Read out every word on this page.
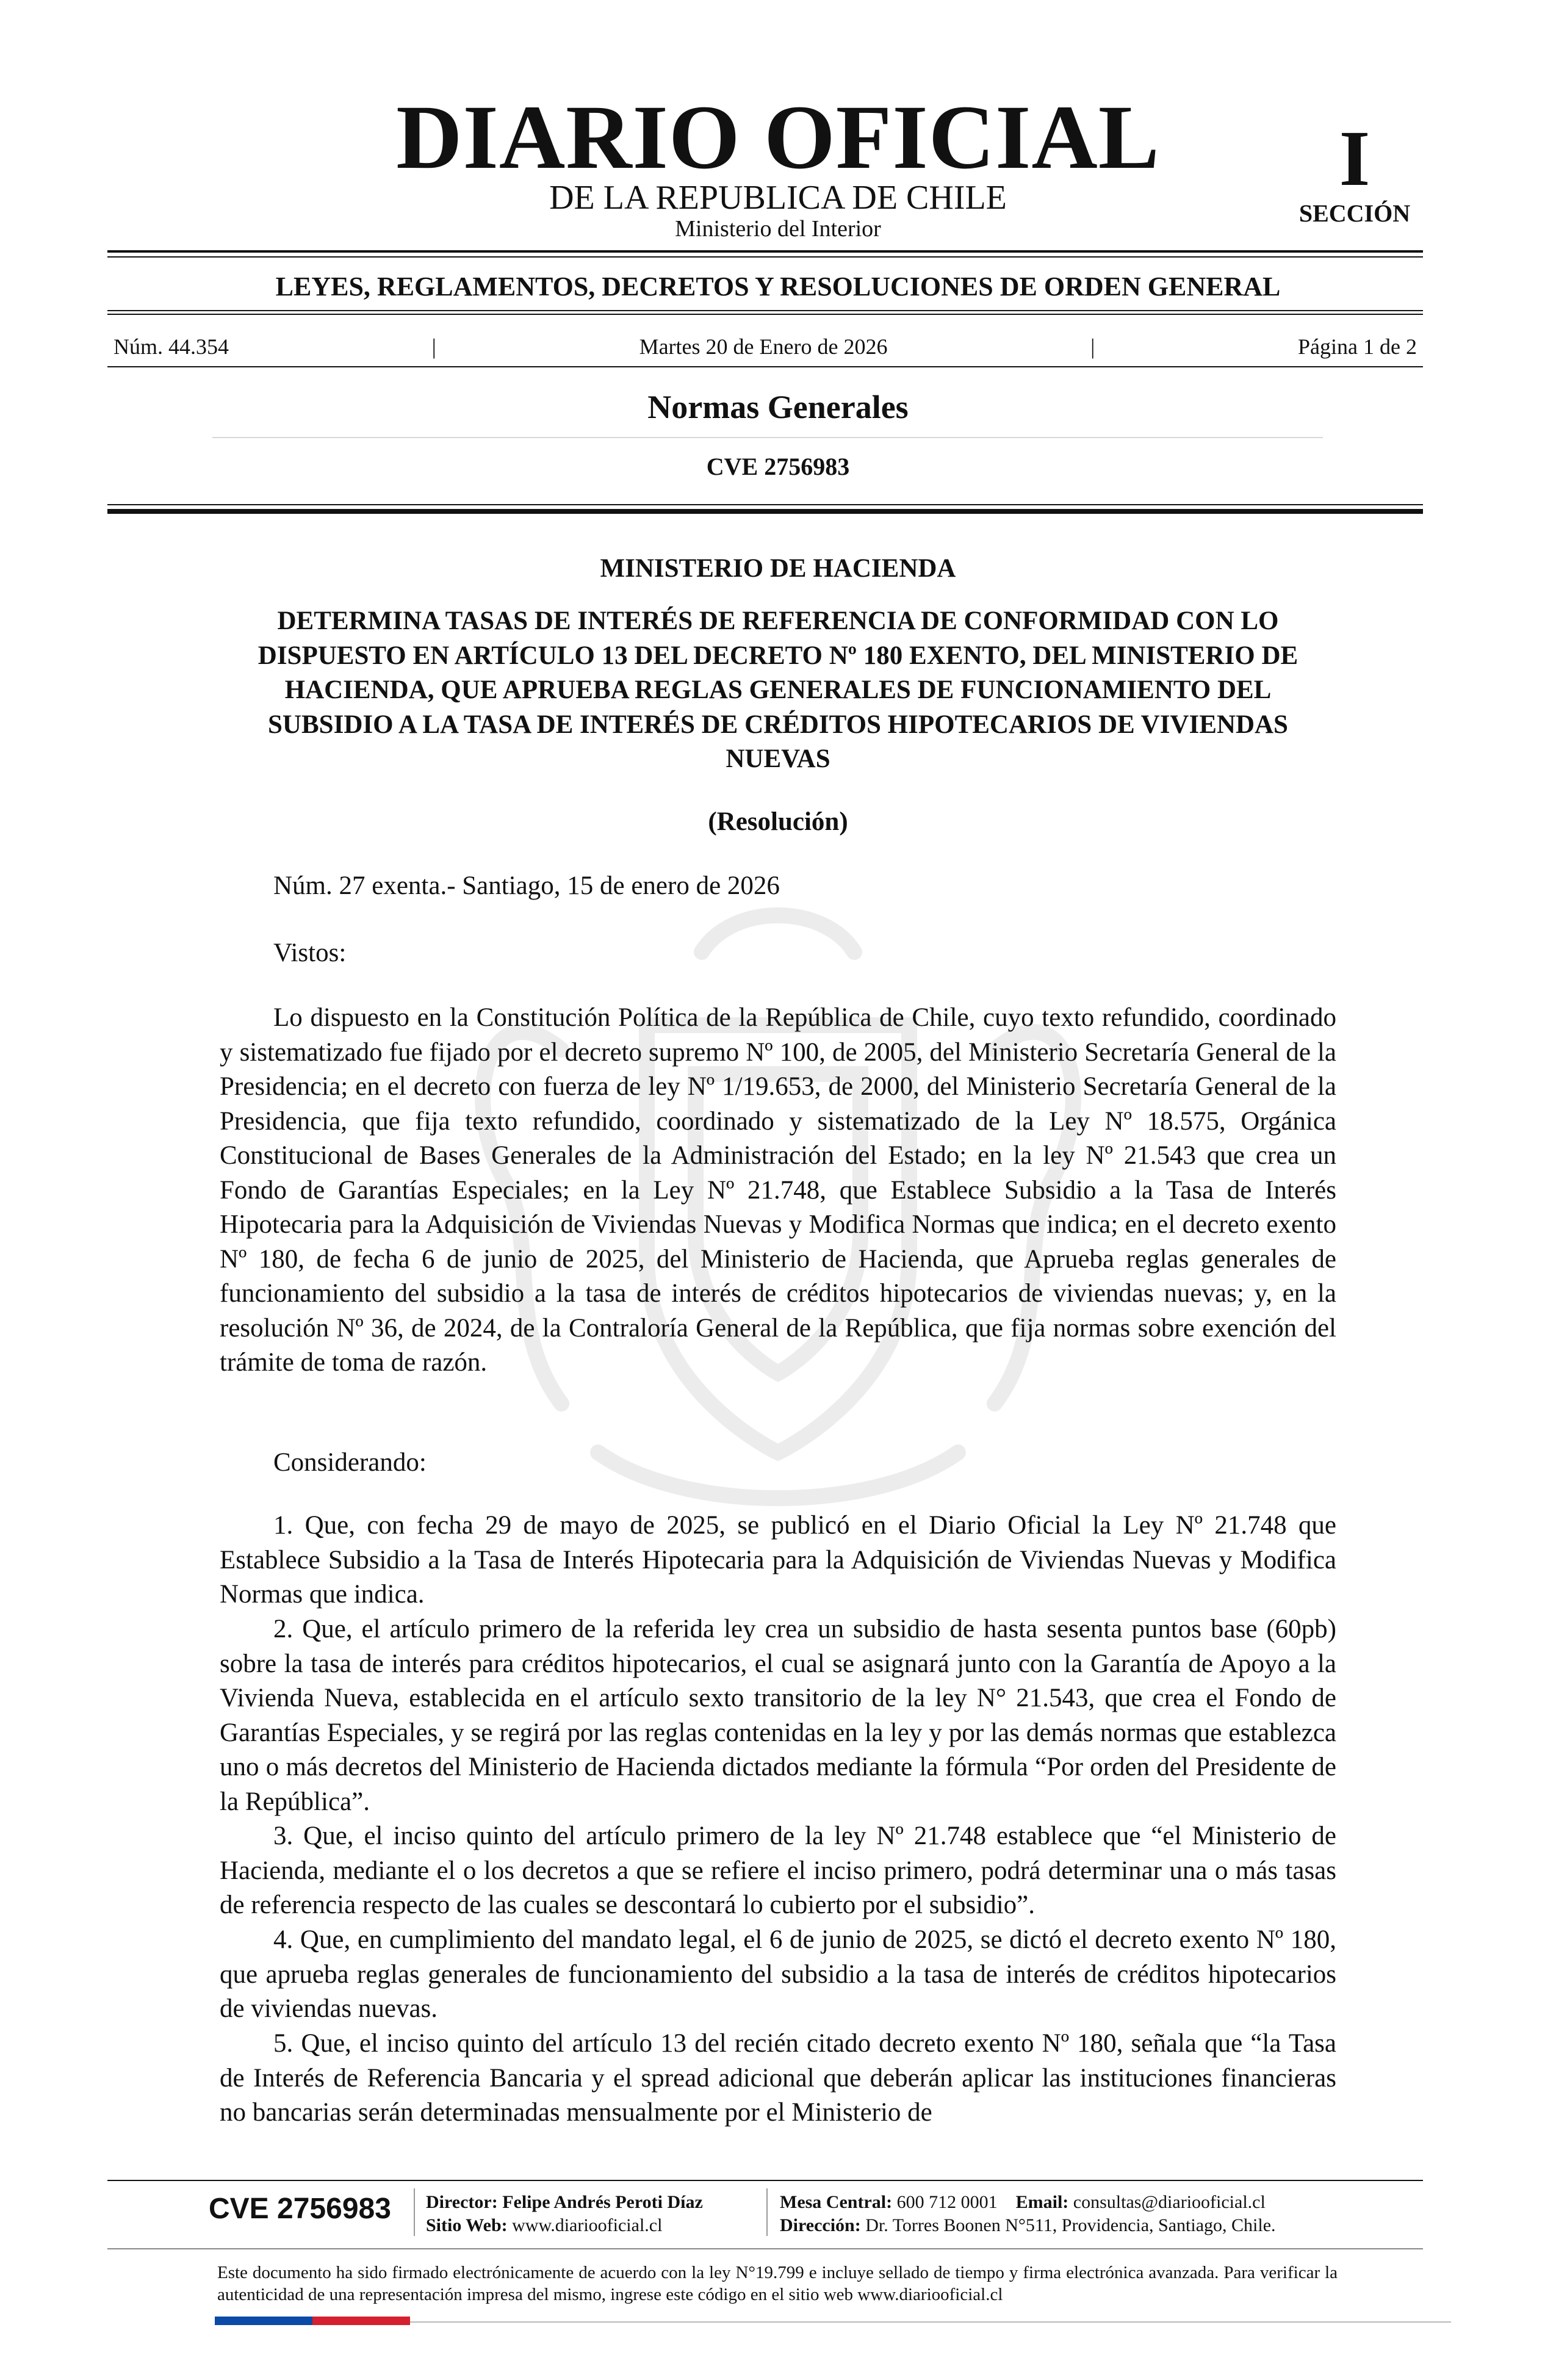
DIARIO OFICIAL
DE LA REPUBLICA DE CHILE
Ministerio del Interior
I
SECCIÓN
LEYES, REGLAMENTOS, DECRETOS Y RESOLUCIONES DE ORDEN GENERAL
Núm. 44.354	|	Martes 20 de Enero de 2026	|	Página 1 de 2
Normas Generales
CVE 2756983
MINISTERIO DE HACIENDA
DETERMINA TASAS DE INTERÉS DE REFERENCIA DE CONFORMIDAD CON LO DISPUESTO EN ARTÍCULO 13 DEL DECRETO Nº 180 EXENTO, DEL MINISTERIO DE HACIENDA, QUE APRUEBA REGLAS GENERALES DE FUNCIONAMIENTO DEL SUBSIDIO A LA TASA DE INTERÉS DE CRÉDITOS HIPOTECARIOS DE VIVIENDAS NUEVAS
(Resolución)
Núm. 27 exenta.- Santiago, 15 de enero de 2026
Vistos:
Lo dispuesto en la Constitución Política de la República de Chile, cuyo texto refundido, coordinado y sistematizado fue fijado por el decreto supremo Nº 100, de 2005, del Ministerio Secretaría General de la Presidencia; en el decreto con fuerza de ley Nº 1/19.653, de 2000, del Ministerio Secretaría General de la Presidencia, que fija texto refundido, coordinado y sistematizado de la Ley Nº 18.575, Orgánica Constitucional de Bases Generales de la Administración del Estado; en la ley Nº 21.543 que crea un Fondo de Garantías Especiales; en la Ley Nº 21.748, que Establece Subsidio a la Tasa de Interés Hipotecaria para la Adquisición de Viviendas Nuevas y Modifica Normas que indica; en el decreto exento Nº 180, de fecha 6 de junio de 2025, del Ministerio de Hacienda, que Aprueba reglas generales de funcionamiento del subsidio a la tasa de interés de créditos hipotecarios de viviendas nuevas; y, en la resolución Nº 36, de 2024, de la Contraloría General de la República, que fija normas sobre exención del trámite de toma de razón.
Considerando:
1. Que, con fecha 29 de mayo de 2025, se publicó en el Diario Oficial la Ley Nº 21.748 que Establece Subsidio a la Tasa de Interés Hipotecaria para la Adquisición de Viviendas Nuevas y Modifica Normas que indica.
2. Que, el artículo primero de la referida ley crea un subsidio de hasta sesenta puntos base (60pb) sobre la tasa de interés para créditos hipotecarios, el cual se asignará junto con la Garantía de Apoyo a la Vivienda Nueva, establecida en el artículo sexto transitorio de la ley N° 21.543, que crea el Fondo de Garantías Especiales, y se regirá por las reglas contenidas en la ley y por las demás normas que establezca uno o más decretos del Ministerio de Hacienda dictados mediante la fórmula “Por orden del Presidente de la República”.
3. Que, el inciso quinto del artículo primero de la ley Nº 21.748 establece que “el Ministerio de Hacienda, mediante el o los decretos a que se refiere el inciso primero, podrá determinar una o más tasas de referencia respecto de las cuales se descontará lo cubierto por el subsidio”.
4. Que, en cumplimiento del mandato legal, el 6 de junio de 2025, se dictó el decreto exento Nº 180, que aprueba reglas generales de funcionamiento del subsidio a la tasa de interés de créditos hipotecarios de viviendas nuevas.
5. Que, el inciso quinto del artículo 13 del recién citado decreto exento Nº 180, señala que “la Tasa de Interés de Referencia Bancaria y el spread adicional que deberán aplicar las instituciones financieras no bancarias serán determinadas mensualmente por el Ministerio de
CVE 2756983	Director: Felipe Andrés Peroti Díaz
Sitio Web: www.diariooficial.cl
Mesa Central: 600 712 0001 Email: consultas@diariooficial.cl
Dirección: Dr. Torres Boonen N°511, Providencia, Santiago, Chile.
Este documento ha sido firmado electrónicamente de acuerdo con la ley N°19.799 e incluye sellado de tiempo y firma electrónica avanzada. Para verificar la autenticidad de una representación impresa del mismo, ingrese este código en el sitio web www.diariooficial.cl
